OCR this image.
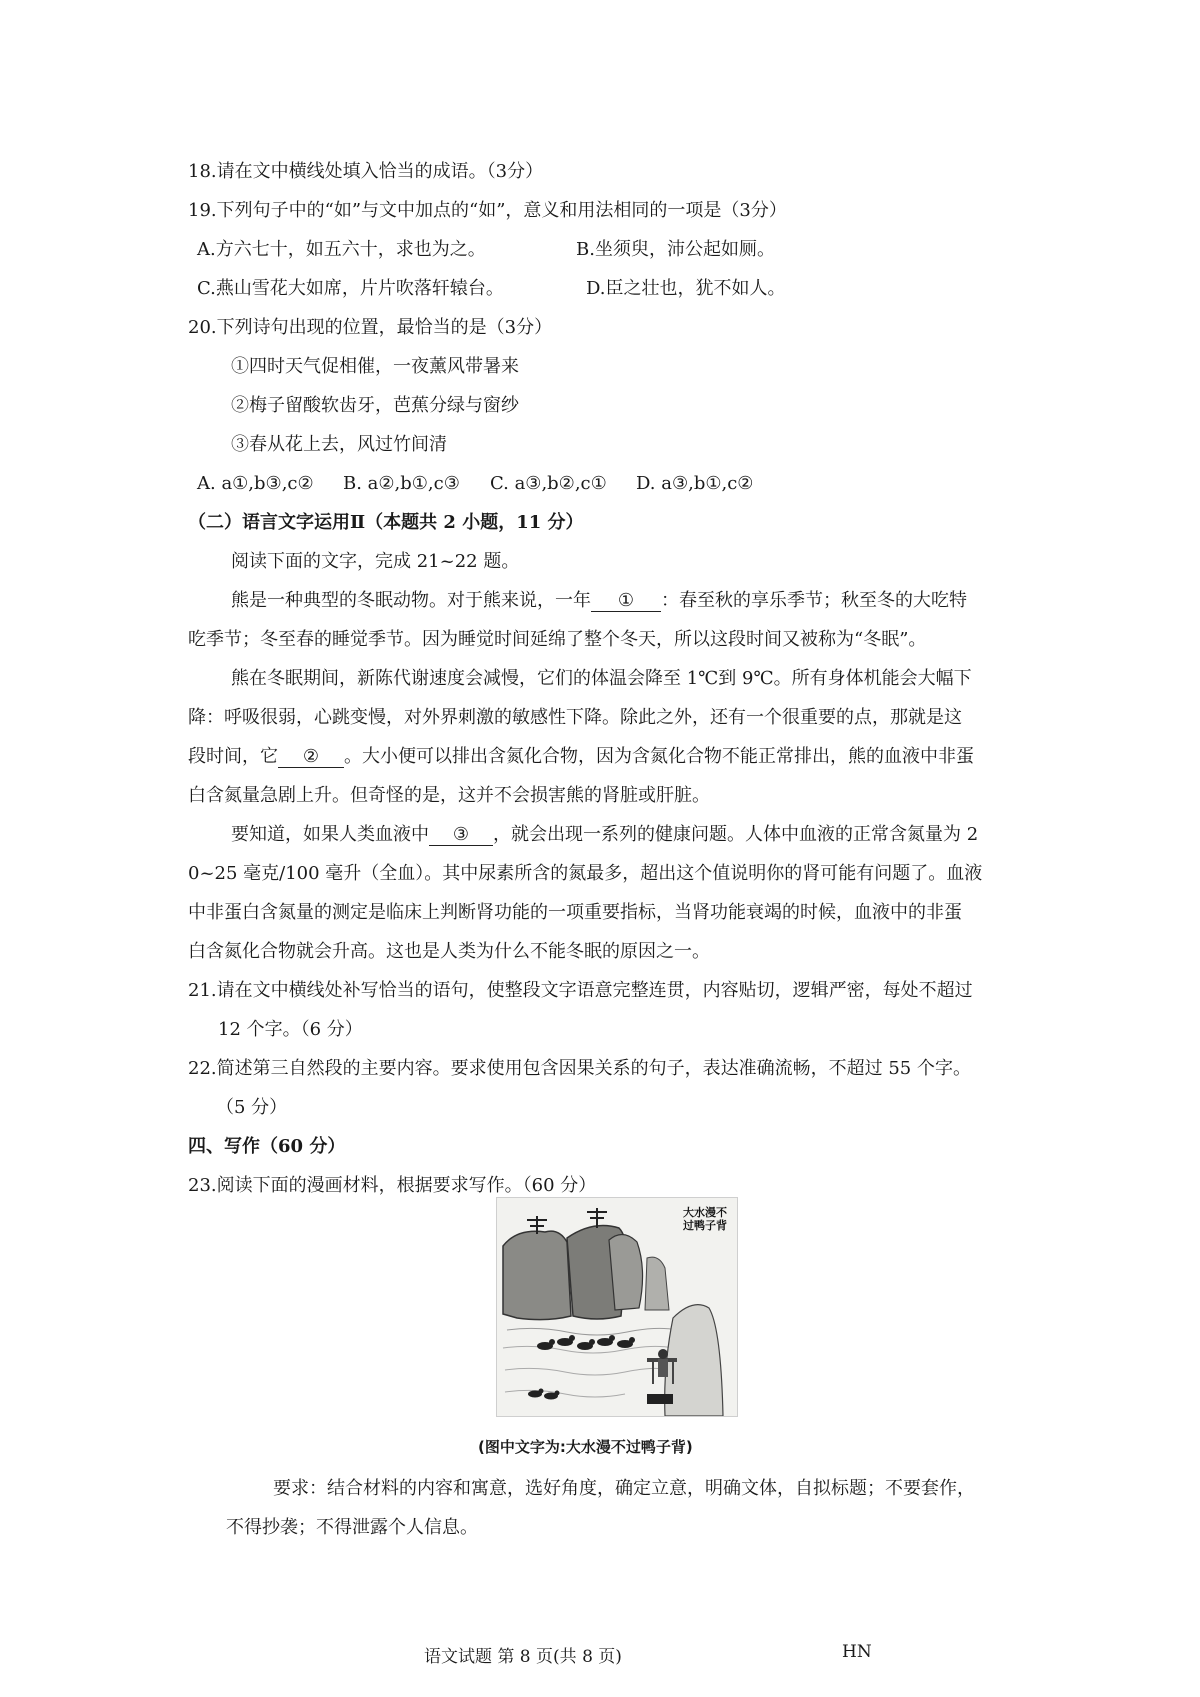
18.请在文中横线处填入恰当的成语。（3分）
19.下列句子中的“如”与文中加点的“如”，意义和用法相同的一项是（3分）
A.方六七十，如五六十，求也为之。	B.坐须臾，沛公起如厕。
C.燕山雪花大如席，片片吹落轩辕台。	D.臣之壮也，犹不如人。
20.下列诗句出现的位置，最恰当的是（3分）
①四时天气促相催，一夜薰风带暑来
②梅子留酸软齿牙，芭蕉分绿与窗纱
③春从花上去，风过竹间清
A. a①,b③,c② B. a②,b①,c③ C. a③,b②,c① D. a③,b①,c②
（二）语言文字运用Ⅱ（本题共 2 小题，11 分）
阅读下面的文字，完成 21~22 题。
熊是一种典型的冬眠动物。对于熊来说，一年 ① ：春至秋的享乐季节；秋至冬的大吃特
吃季节；冬至春的睡觉季节。因为睡觉时间延绵了整个冬天，所以这段时间又被称为“冬眠”。
熊在冬眠期间，新陈代谢速度会减慢，它们的体温会降至 1℃到 9℃。所有身体机能会大幅下
降：呼吸很弱，心跳变慢，对外界刺激的敏感性下降。除此之外，还有一个很重要的点，那就是这
段时间，它 ② 。大小便可以排出含氮化合物，因为含氮化合物不能正常排出，熊的血液中非蛋
白含氮量急剧上升。但奇怪的是，这并不会损害熊的肾脏或肝脏。
要知道，如果人类血液中 ③ ，就会出现一系列的健康问题。人体中血液的正常含氮量为 2
0~25 毫克/100 毫升（全血）。其中尿素所含的氮最多，超出这个值说明你的肾可能有问题了。血液
中非蛋白含氮量的测定是临床上判断肾功能的一项重要指标，当肾功能衰竭的时候，血液中的非蛋
白含氮化合物就会升高。这也是人类为什么不能冬眠的原因之一。
21.请在文中横线处补写恰当的语句，使整段文字语意完整连贯，内容贴切，逻辑严密，每处不超过
12 个字。（6 分）
22.简述第三自然段的主要内容。要求使用包含因果关系的句子，表达准确流畅，不超过 55 个字。
（5 分）
四、写作（60 分）
23.阅读下面的漫画材料，根据要求写作。（60 分）
大水漫不过鸭子背
(图中文字为:大水漫不过鸭子背)
要求：结合材料的内容和寓意，选好角度，确定立意，明确文体，自拟标题；不要套作，
不得抄袭；不得泄露个人信息。
语文试题 第 8 页(共 8 页)	HN
